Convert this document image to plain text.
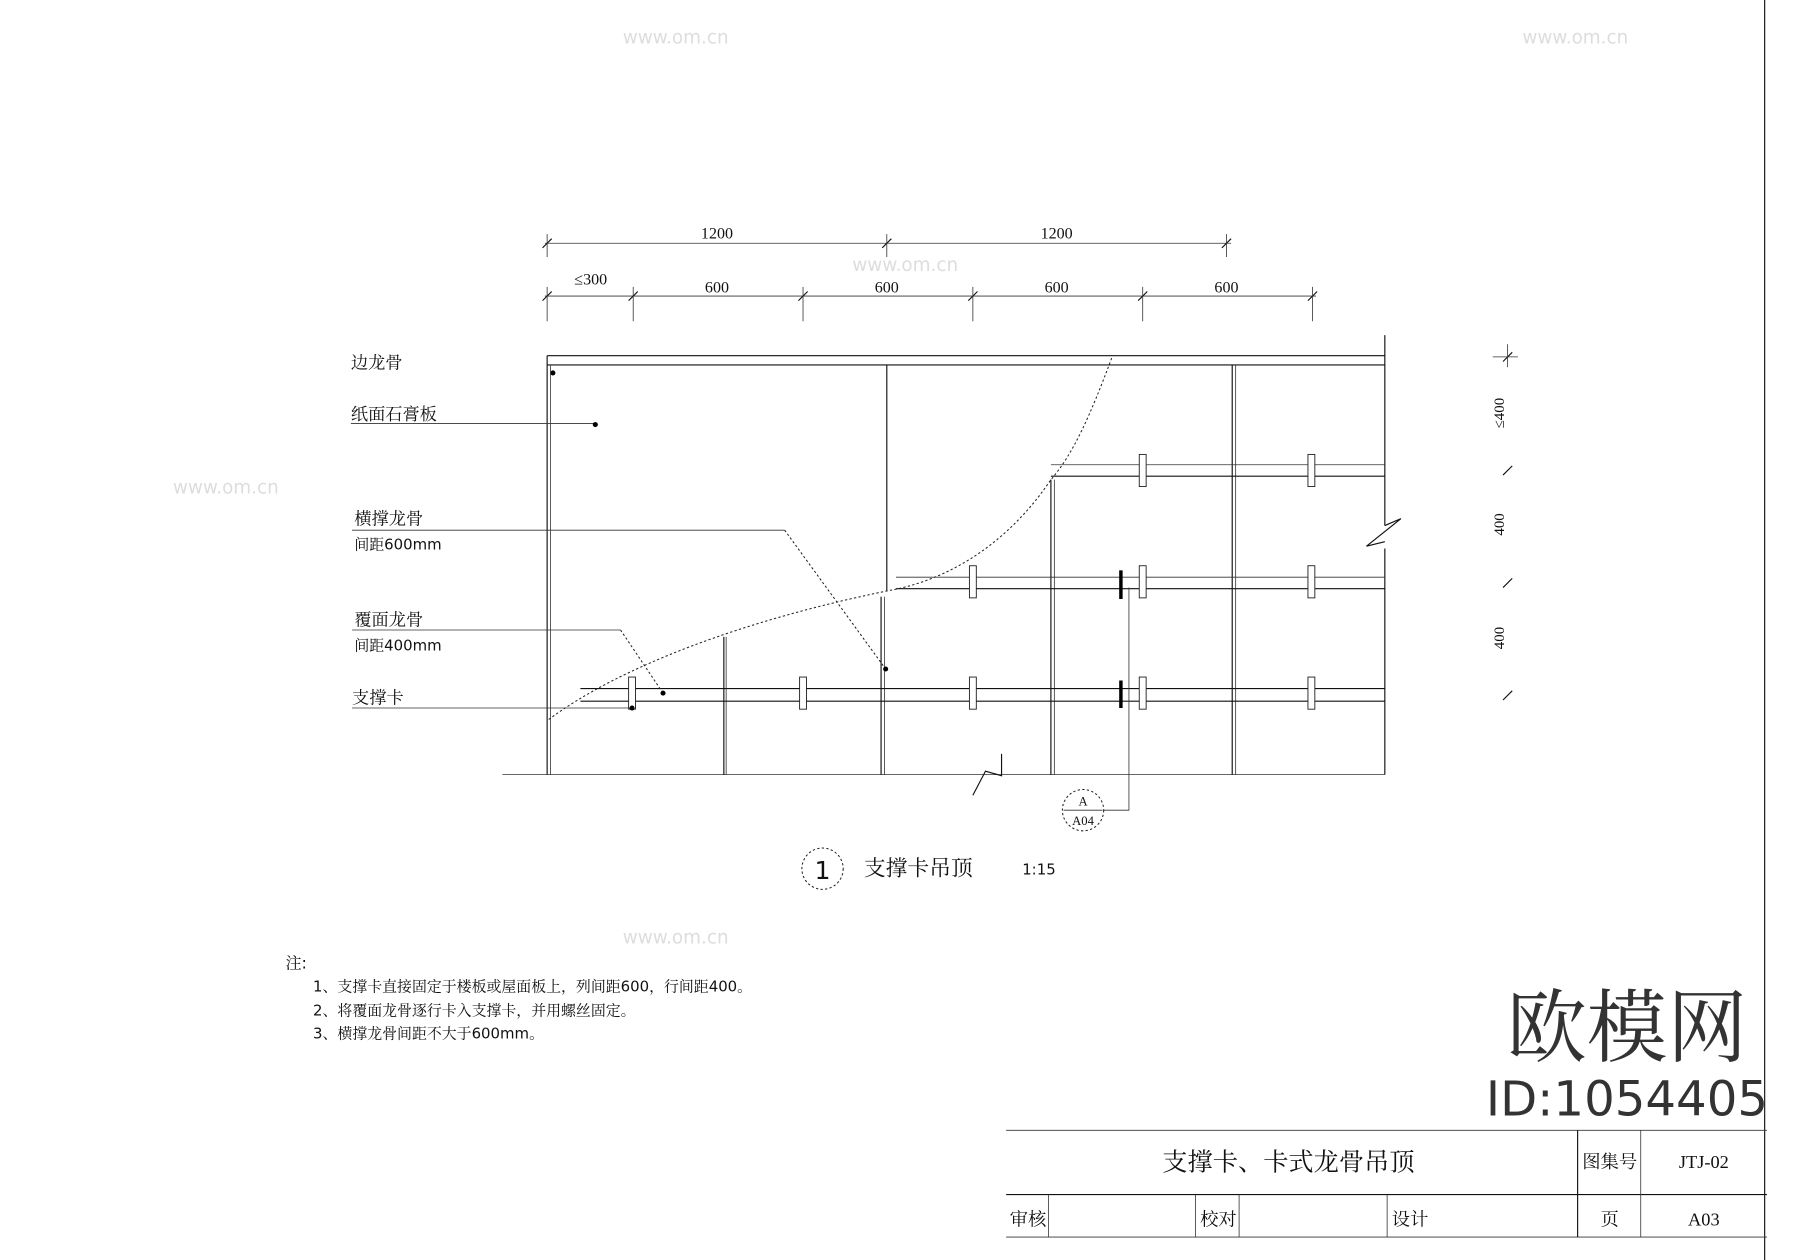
1200	1200
≤300	600	600	600	600
≤400
400
400
边龙骨
纸面石膏板
横撑龙骨
间距600mm
覆面龙骨
间距400mm
支撑卡
A
A04
1 支撑卡吊顶	1:15
注:
1、支撑卡直接固定于楼板或屋面板上，列间距600，行间距400。
2、将覆面龙骨逐行卡入支撑卡，并用螺丝固定。
3、横撑龙骨间距不大于600mm。
支撑卡、卡式龙骨吊顶	图集号	JTJ-02
审核	校对	设计	页	A03
欧模网
ID:1054405
www.om.cn	www.om.cn
www.om.cn
www.om.cn
www.om.cn
